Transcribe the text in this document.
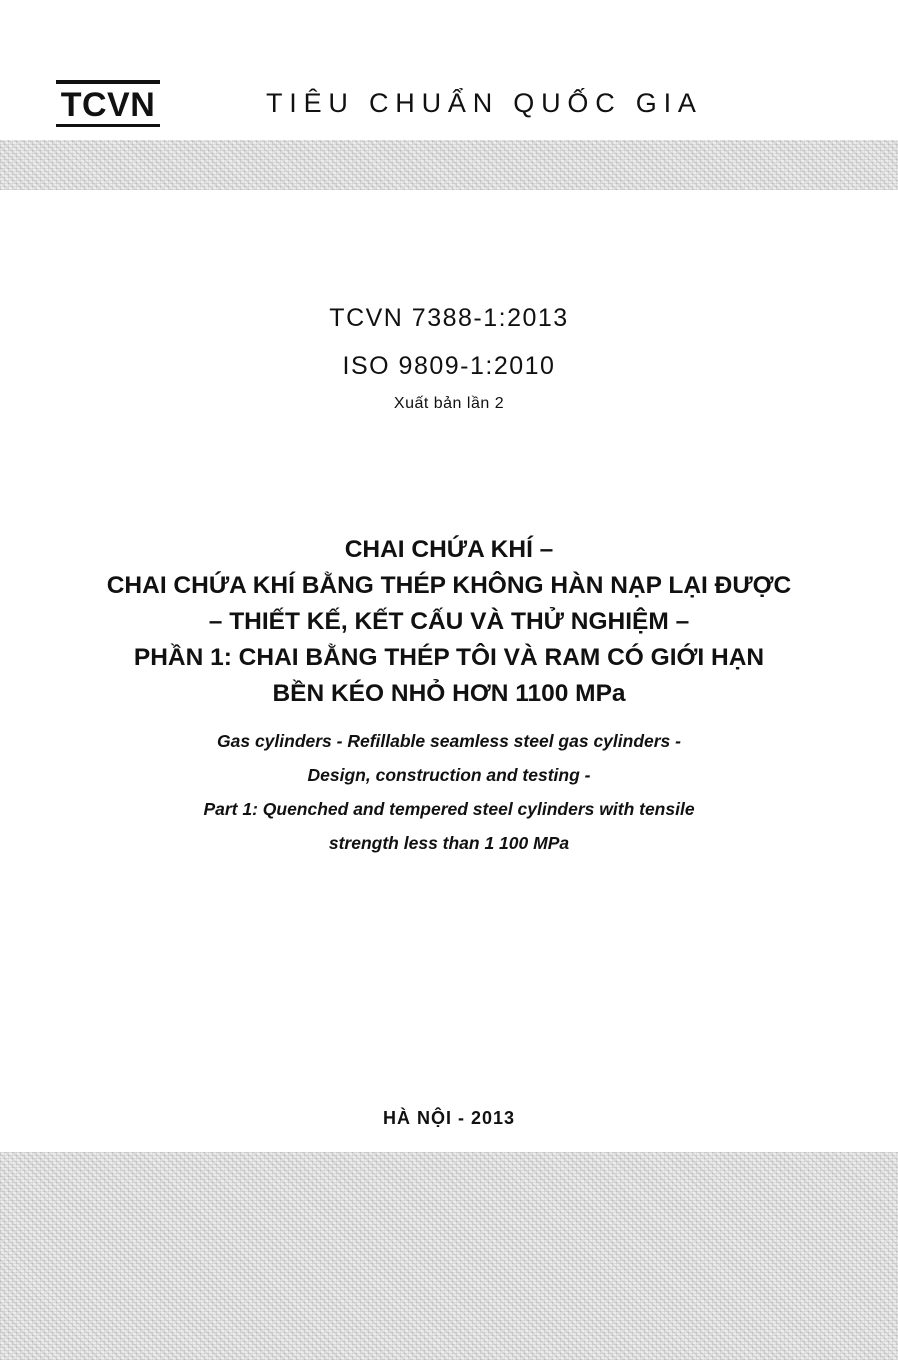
TCVN	TIÊU CHUẨN QUỐC GIA
TCVN 7388-1:2013
ISO 9809-1:2010
Xuất bản lần 2
CHAI CHỨA KHÍ –
CHAI CHỨA KHÍ BẰNG THÉP KHÔNG HÀN NẠP LẠI ĐƯỢC
– THIẾT KẾ, KẾT CẤU VÀ THỬ NGHIỆM –
PHẦN 1: CHAI BẰNG THÉP TÔI VÀ RAM CÓ GIỚI HẠN
BỀN KÉO NHỎ HƠN 1100 MPa
Gas cylinders - Refillable seamless steel gas cylinders -
Design, construction and testing -
Part 1: Quenched and tempered steel cylinders with tensile
strength less than 1 100 MPa
HÀ NỘI - 2013
